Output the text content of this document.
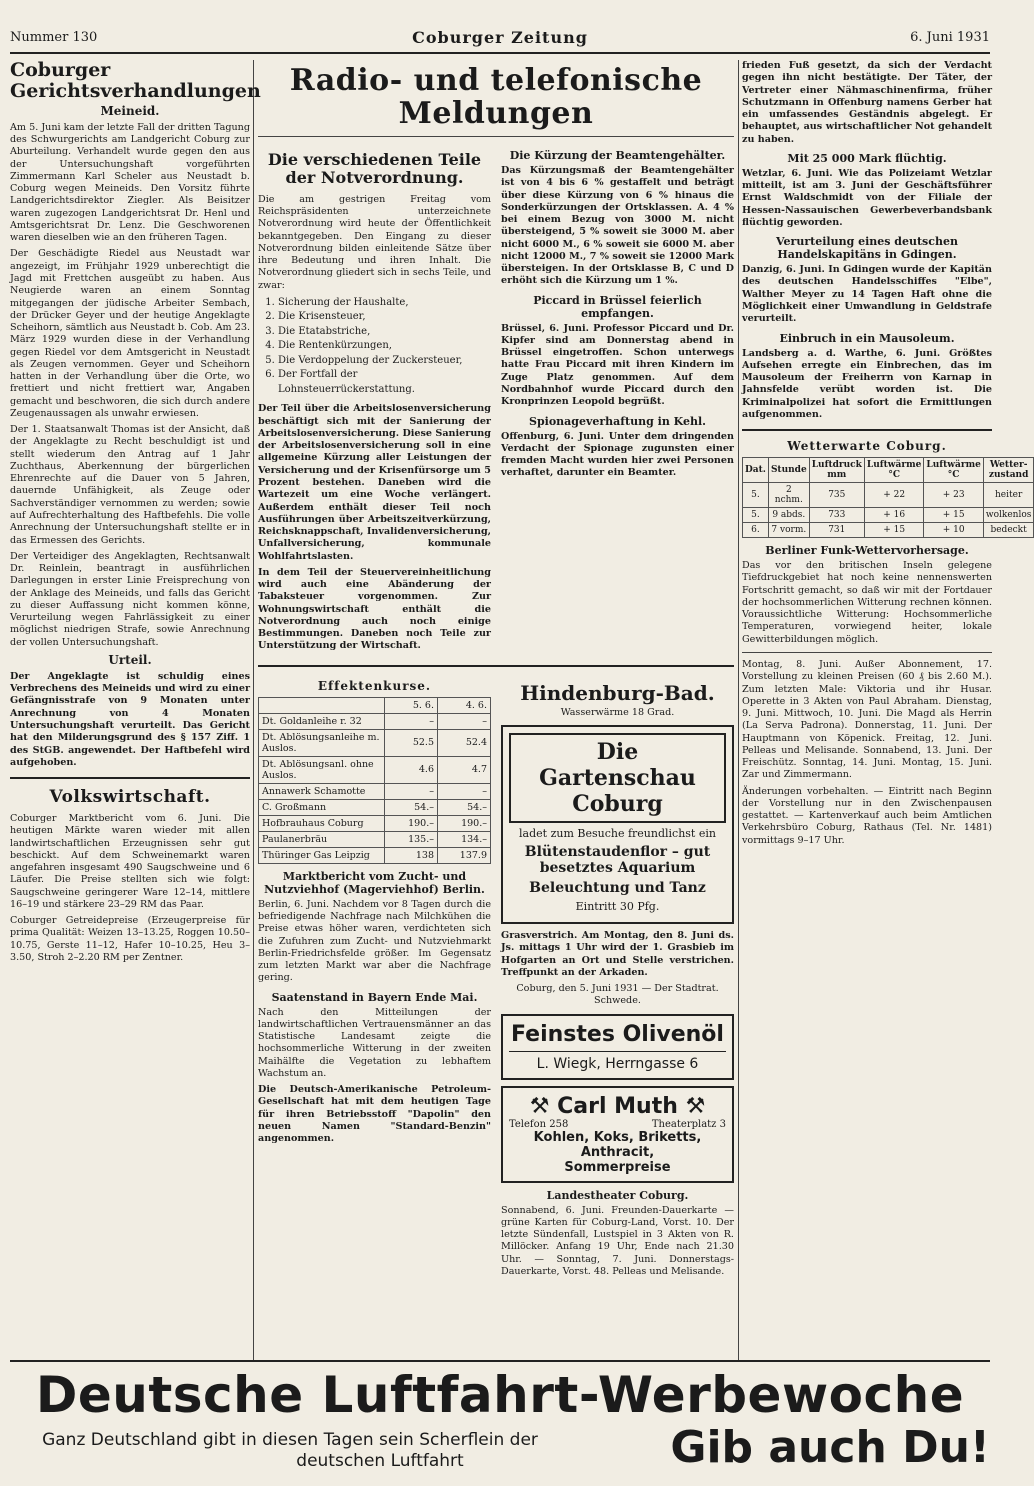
Nummer 130	Coburger Zeitung	6. Juni 1931
Coburger Gerichtsverhandlungen
Meineid.

Am 5. Juni kam der letzte Fall der dritten Tagung des Schwurgerichts am Landgericht Coburg zur Aburteilung. Verhandelt wurde gegen den aus der Untersuchungshaft vorgeführten Zimmermann Karl Scheler aus Neustadt b. Coburg wegen Meineids. Den Vorsitz führte Landgerichtsdirektor Ziegler. Als Beisitzer waren zugezogen Landgerichtsrat Dr. Henl und Amtsgerichtsrat Dr. Lenz. Die Geschworenen waren dieselben wie an den früheren Tagen.

Der Geschädigte Riedel aus Neustadt war angezeigt, im Frühjahr 1929 unberechtigt die Jagd mit Frettchen ausgeübt zu haben. Aus Neugierde waren an einem Sonntag mitgegangen der jüdische Arbeiter Sembach, der Drücker Geyer und der heutige Angeklagte Scheihorn, sämtlich aus Neustadt b. Cob. Am 23. März 1929 wurden diese in der Verhandlung gegen Riedel vor dem Amtsgericht in Neustadt als Zeugen vernommen. Geyer und Scheihorn hatten in der Verhandlung über die Orte, wo frettiert und nicht frettiert war, Angaben gemacht und beschworen, die sich durch andere Zeugenaussagen als unwahr erwiesen.

Der 1. Staatsanwalt Thomas ist der Ansicht, daß der Angeklagte zu Recht beschuldigt ist und stellt wiederum den Antrag auf 1 Jahr Zuchthaus, Aberkennung der bürgerlichen Ehrenrechte auf die Dauer von 5 Jahren, dauernde Unfähigkeit, als Zeuge oder Sachverständiger vernommen zu werden; sowie auf Aufrechterhaltung des Haftbefehls. Die volle Anrechnung der Untersuchungshaft stellte er in das Ermessen des Gerichts.

Der Verteidiger des Angeklagten, Rechtsanwalt Dr. Reinlein, beantragt in ausführlichen Darlegungen in erster Linie Freisprechung von der Anklage des Meineids, und falls das Gericht zu dieser Auffassung nicht kommen könne, Verurteilung wegen Fahrlässigkeit zu einer möglichst niedrigen Strafe, sowie Anrechnung der vollen Untersuchungshaft.

Urteil.

Der Angeklagte ist schuldig eines Verbrechens des Meineids und wird zu einer Gefängnisstrafe von 9 Monaten unter Anrechnung von 4 Monaten Untersuchungshaft verurteilt. Das Gericht hat den Milderungsgrund des § 157 Ziff. 1 des StGB. angewendet. Der Haftbefehl wird aufgehoben.

Volkswirtschaft.

Coburger Marktbericht vom 6. Juni. Die heutigen Märkte waren wieder mit allen landwirtschaftlichen Erzeugnissen sehr gut beschickt. Auf dem Schweinemarkt waren angefahren insgesamt 490 Saugschweine und 6 Läufer. Die Preise stellten sich wie folgt: Saugschweine geringerer Ware 12–14, mittlere 16–19 und stärkere 23–29 RM das Paar.

Coburger Getreidepreise (Erzeugerpreise für prima Qualität: Weizen 13–13.25, Roggen 10.50–10.75, Gerste 11–12, Hafer 10–10.25, Heu 3–3.50, Stroh 2–2.20 RM per Zentner.

Radio- und telefonische Meldungen
Die verschiedenen Teile der Notverordnung.

Die am gestrigen Freitag vom Reichspräsidenten unterzeichnete Notverordnung wird heute der Öffentlichkeit bekanntgegeben. Den Eingang zu dieser Notverordnung bilden einleitende Sätze über ihre Bedeutung und ihren Inhalt. Die Notverordnung gliedert sich in sechs Teile, und zwar:

1. Sicherung der Haushalte,
2. Die Krisensteuer,
3. Die Etatabstriche,
4. Die Rentenkürzungen,
5. Die Verdoppelung der Zuckersteuer,
6. Der Fortfall der Lohnsteuerrückerstattung.

Der Teil über die Arbeitslosenversicherung beschäftigt sich mit der Sanierung der Arbeitslosenversicherung. Diese Sanierung der Arbeitslosenversicherung soll in eine allgemeine Kürzung aller Leistungen der Versicherung und der Krisenfürsorge um 5 Prozent bestehen. Daneben wird die Wartezeit um eine Woche verlängert. Außerdem enthält dieser Teil noch Ausführungen über Arbeitszeitverkürzung, Reichsknappschaft, Invalidenversicherung, Unfallversicherung, kommunale Wohlfahrtslasten.

In dem Teil der Steuervereinheitlichung wird auch eine Abänderung der Tabaksteuer vorgenommen. Zur Wohnungswirtschaft enthält die Notverordnung auch noch einige Bestimmungen. Daneben noch Teile zur Unterstützung der Wirtschaft.

Die Kürzung der Beamtengehälter.

Das Kürzungsmaß der Beamtengehälter ist von 4 bis 6 % gestaffelt und beträgt über diese Kürzung von 6 % hinaus die Sonderkürzungen der Ortsklassen. A. 4 % bei einem Bezug von 3000 M. nicht übersteigend, 5 % soweit sie 3000 M. aber nicht 6000 M., 6 % soweit sie 6000 M. aber nicht 12000 M., 7 % soweit sie 12000 Mark übersteigen. In der Ortsklasse B, C und D erhöht sich die Kürzung um 1 %.

Piccard in Brüssel feierlich empfangen.

Brüssel, 6. Juni. Professor Piccard und Dr. Kipfer sind am Donnerstag abend in Brüssel eingetroffen. Schon unterwegs hatte Frau Piccard mit ihren Kindern im Zuge Platz genommen. Auf dem Nordbahnhof wurde Piccard durch den Kronprinzen Leopold begrüßt.

Spionageverhaftung in Kehl.

Offenburg, 6. Juni. Unter dem dringenden Verdacht der Spionage zugunsten einer fremden Macht wurden hier zwei Personen verhaftet, darunter ein Beamter.

Effektenkurse.
	5. 6.	4. 6.
Dt. Goldanleihe r. 32	–	–
Dt. Ablösungsanleihe m. Auslos.	52.5	52.4
Dt. Ablösungsanl. ohne Auslos.	4.6	4.7
Annawerk Schamotte	–	–
C. Großmann	54.–	54.–
Hofbrauhaus Coburg	190.–	190.–
Paulanerbräu	135.–	134.–
Thüringer Gas Leipzig	138	137.9
Marktbericht vom Zucht- und Nutzviehhof (Magerviehhof) Berlin.

Berlin, 6. Juni. Nachdem vor 8 Tagen durch die befriedigende Nachfrage nach Milchkühen die Preise etwas höher waren, verdichteten sich die Zufuhren zum Zucht- und Nutzviehmarkt Berlin-Friedrichsfelde größer. Im Gegensatz zum letzten Markt war aber die Nachfrage gering.

Saatenstand in Bayern Ende Mai.

Nach den Mitteilungen der landwirtschaftlichen Vertrauensmänner an das Statistische Landesamt zeigte die hochsommerliche Witterung in der zweiten Maihälfte die Vegetation zu lebhaftem Wachstum an.

Die Deutsch-Amerikanische Petroleum-Gesellschaft hat mit dem heutigen Tage für ihren Betriebsstoff "Dapolin" den neuen Namen "Standard-Benzin" angenommen.

Hindenburg-Bad.

Wasserwärme 18 Grad.

Die Gartenschau Coburg
ladet zum Besuche freundlichst ein
Blütenstaudenflor – gut besetztes Aquarium
Beleuchtung und Tanz
Eintritt 30 Pfg.

Grasverstrich. Am Montag, den 8. Juni ds. Js. mittags 1 Uhr wird der 1. Grasbieb im Hofgarten an Ort und Stelle verstrichen. Treffpunkt an der Arkaden.

Coburg, den 5. Juni 1931 — Der Stadtrat. Schwede.

Feinstes Olivenöl
L. Wiegk, Herrngasse 6
⚒ Carl Muth ⚒
Telefon 258	Theaterplatz 3
Kohlen, Koks, Briketts, Anthracit,
Sommerpreise
Landestheater Coburg.

Sonnabend, 6. Juni. Freunden-Dauerkarte — grüne Karten für Coburg-Land, Vorst. 10. Der letzte Sündenfall, Lustspiel in 3 Akten von R. Millöcker. Anfang 19 Uhr, Ende nach 21.30 Uhr. — Sonntag, 7. Juni. Donnerstags-Dauerkarte, Vorst. 48. Pelleas und Melisande.

frieden Fuß gesetzt, da sich der Verdacht gegen ihn nicht bestätigte. Der Täter, der Vertreter einer Nähmaschinenfirma, früher Schutzmann in Offenburg namens Gerber hat ein umfassendes Geständnis abgelegt. Er behauptet, aus wirtschaftlicher Not gehandelt zu haben.

Mit 25 000 Mark flüchtig.

Wetzlar, 6. Juni. Wie das Polizeiamt Wetzlar mitteilt, ist am 3. Juni der Geschäftsführer Ernst Waldschmidt von der Filiale der Hessen-Nassauischen Gewerbeverbandsbank flüchtig geworden.

Verurteilung eines deutschen Handelskapitäns in Gdingen.

Danzig, 6. Juni. In Gdingen wurde der Kapitän des deutschen Handelsschiffes "Elbe", Walther Meyer zu 14 Tagen Haft ohne die Möglichkeit einer Umwandlung in Geldstrafe verurteilt.

Einbruch in ein Mausoleum.

Landsberg a. d. Warthe, 6. Juni. Größtes Aufsehen erregte ein Einbrechen, das im Mausoleum der Freiherrn von Karnap in Jahnsfelde verübt worden ist. Die Kriminalpolizei hat sofort die Ermittlungen aufgenommen.

Wetterwarte Coburg.
Dat.	Stunde	Luftdruck mm	Luftwärme °C	Luftwärme °C	Wetter-zustand
5.	2 nchm.	735	+ 22	+ 23	heiter
5.	9 abds.	733	+ 16	+ 15	wolkenlos
6.	7 vorm.	731	+ 15	+ 10	bedeckt
Berliner Funk-Wettervorhersage.

Das vor den britischen Inseln gelegene Tiefdruckgebiet hat noch keine nennenswerten Fortschritt gemacht, so daß wir mit der Fortdauer der hochsommerlichen Witterung rechnen können. Voraussichtliche Witterung: Hochsommerliche Temperaturen, vorwiegend heiter, lokale Gewitterbildungen möglich.

Montag, 8. Juni. Außer Abonnement, 17. Vorstellung zu kleinen Preisen (60 ₰ bis 2.60 M.). Zum letzten Male: Viktoria und ihr Husar. Operette in 3 Akten von Paul Abraham. Dienstag, 9. Juni. Mittwoch, 10. Juni. Die Magd als Herrin (La Serva Padrona). Donnerstag, 11. Juni. Der Hauptmann von Köpenick. Freitag, 12. Juni. Pelleas und Melisande. Sonnabend, 13. Juni. Der Freischütz. Sonntag, 14. Juni. Montag, 15. Juni. Zar und Zimmermann.

Änderungen vorbehalten. — Eintritt nach Beginn der Vorstellung nur in den Zwischenpausen gestattet. — Kartenverkauf auch beim Amtlichen Verkehrsbüro Coburg, Rathaus (Tel. Nr. 1481) vormittags 9–17 Uhr.

Deutsche Luftfahrt-Werbewoche
Ganz Deutschland gibt in diesen Tagen sein Scherflein der
deutschen Luftfahrt	Gib auch Du!
